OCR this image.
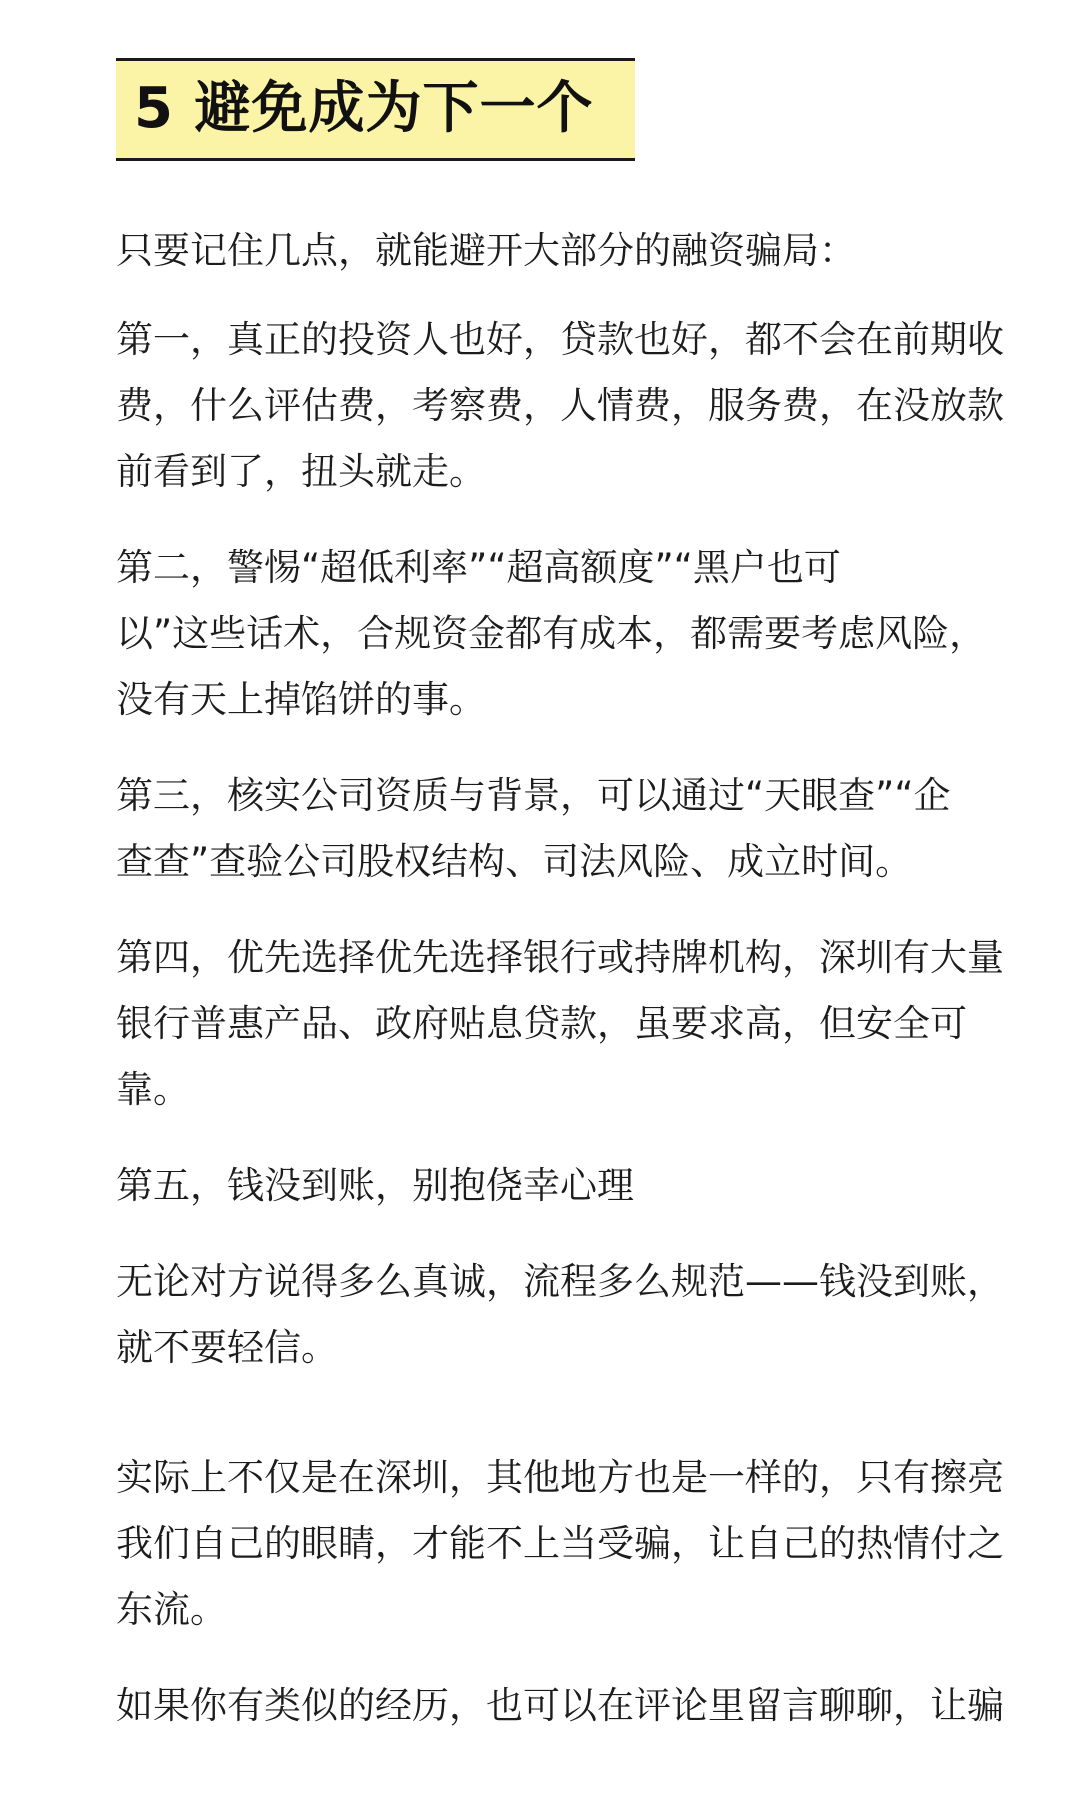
5 避免成为下一个

只要记住几点，就能避开大部分的融资骗局：

第一，真正的投资人也好，贷款也好，都不会在前期收
费，什么评估费，考察费，人情费，服务费，在没放款
前看到了，扭头就走。

第二，警惕“超低利率”“超高额度”“黑户也可
以”这些话术，合规资金都有成本，都需要考虑风险，
没有天上掉馅饼的事。

第三，核实公司资质与背景，可以通过“天眼查”“企
查查”查验公司股权结构、司法风险、成立时间。

第四，优先选择优先选择银行或持牌机构，深圳有大量
银行普惠产品、政府贴息贷款，虽要求高，但安全可
靠。

第五，钱没到账，别抱侥幸心理

无论对方说得多么真诚，流程多么规范——钱没到账，
就不要轻信。

实际上不仅是在深圳，其他地方也是一样的，只有擦亮
我们自己的眼睛，才能不上当受骗，让自己的热情付之
东流。

如果你有类似的经历，也可以在评论里留言聊聊，让骗
